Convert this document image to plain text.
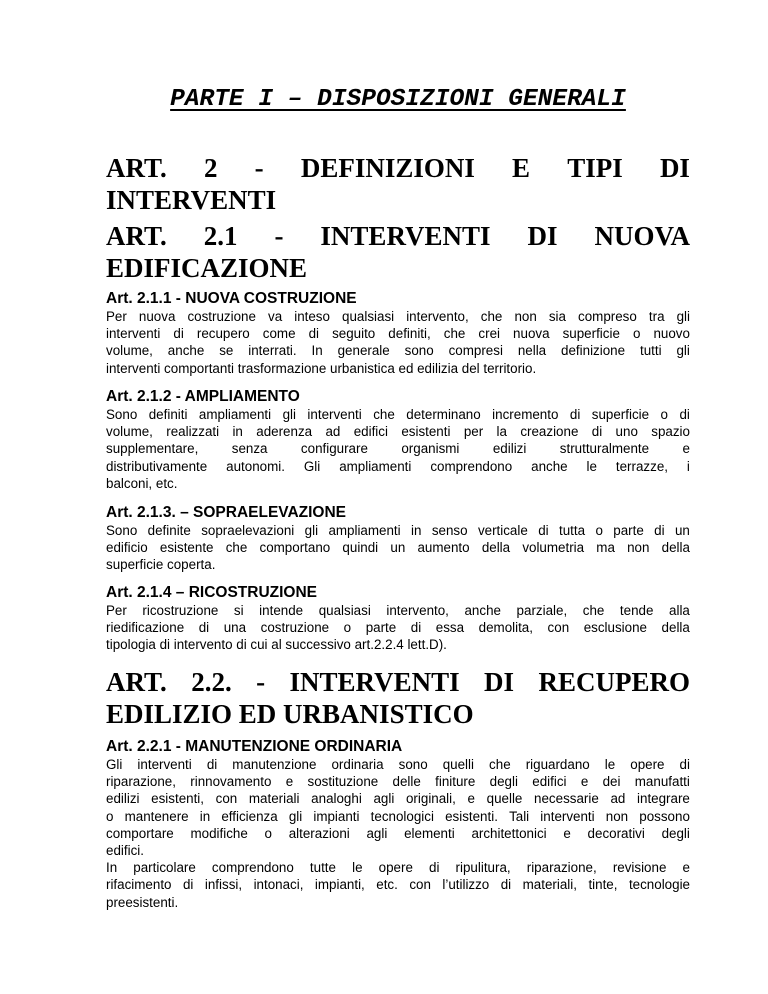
PARTE I – DISPOSIZIONI GENERALI
ART. 2 - DEFINIZIONI E TIPI DI
INTERVENTI
ART. 2.1 - INTERVENTI DI NUOVA
EDIFICAZIONE
Art. 2.1.1 - NUOVA COSTRUZIONE
Per nuova costruzione va inteso qualsiasi intervento, che non sia compreso tra gli
interventi di recupero come di seguito definiti, che crei nuova superficie o nuovo
volume, anche se interrati. In generale sono compresi nella definizione tutti gli
interventi comportanti trasformazione urbanistica ed edilizia del territorio.
Art. 2.1.2 - AMPLIAMENTO
Sono definiti ampliamenti gli interventi che determinano incremento di superficie o di
volume, realizzati in aderenza ad edifici esistenti per la creazione di uno spazio
supplementare, senza configurare organismi edilizi strutturalmente e
distributivamente autonomi. Gli ampliamenti comprendono anche le terrazze, i
balconi, etc.
Art. 2.1.3. – SOPRAELEVAZIONE
Sono definite sopraelevazioni gli ampliamenti in senso verticale di tutta o parte di un
edificio esistente che comportano quindi un aumento della volumetria ma non della
superficie coperta.
Art. 2.1.4 – RICOSTRUZIONE
Per ricostruzione si intende qualsiasi intervento, anche parziale, che tende alla
riedificazione di una costruzione o parte di essa demolita, con esclusione della
tipologia di intervento di cui al successivo art.2.2.4 lett.D).
ART. 2.2. - INTERVENTI DI RECUPERO
EDILIZIO ED URBANISTICO
Art. 2.2.1 - MANUTENZIONE ORDINARIA
Gli interventi di manutenzione ordinaria sono quelli che riguardano le opere di
riparazione, rinnovamento e sostituzione delle finiture degli edifici e dei manufatti
edilizi esistenti, con materiali analoghi agli originali, e quelle necessarie ad integrare
o mantenere in efficienza gli impianti tecnologici esistenti. Tali interventi non possono
comportare modifiche o alterazioni agli elementi architettonici e decorativi degli
edifici.
In particolare comprendono tutte le opere di ripulitura, riparazione, revisione e
rifacimento di infissi, intonaci, impianti, etc. con l’utilizzo di materiali, tinte, tecnologie
preesistenti.
